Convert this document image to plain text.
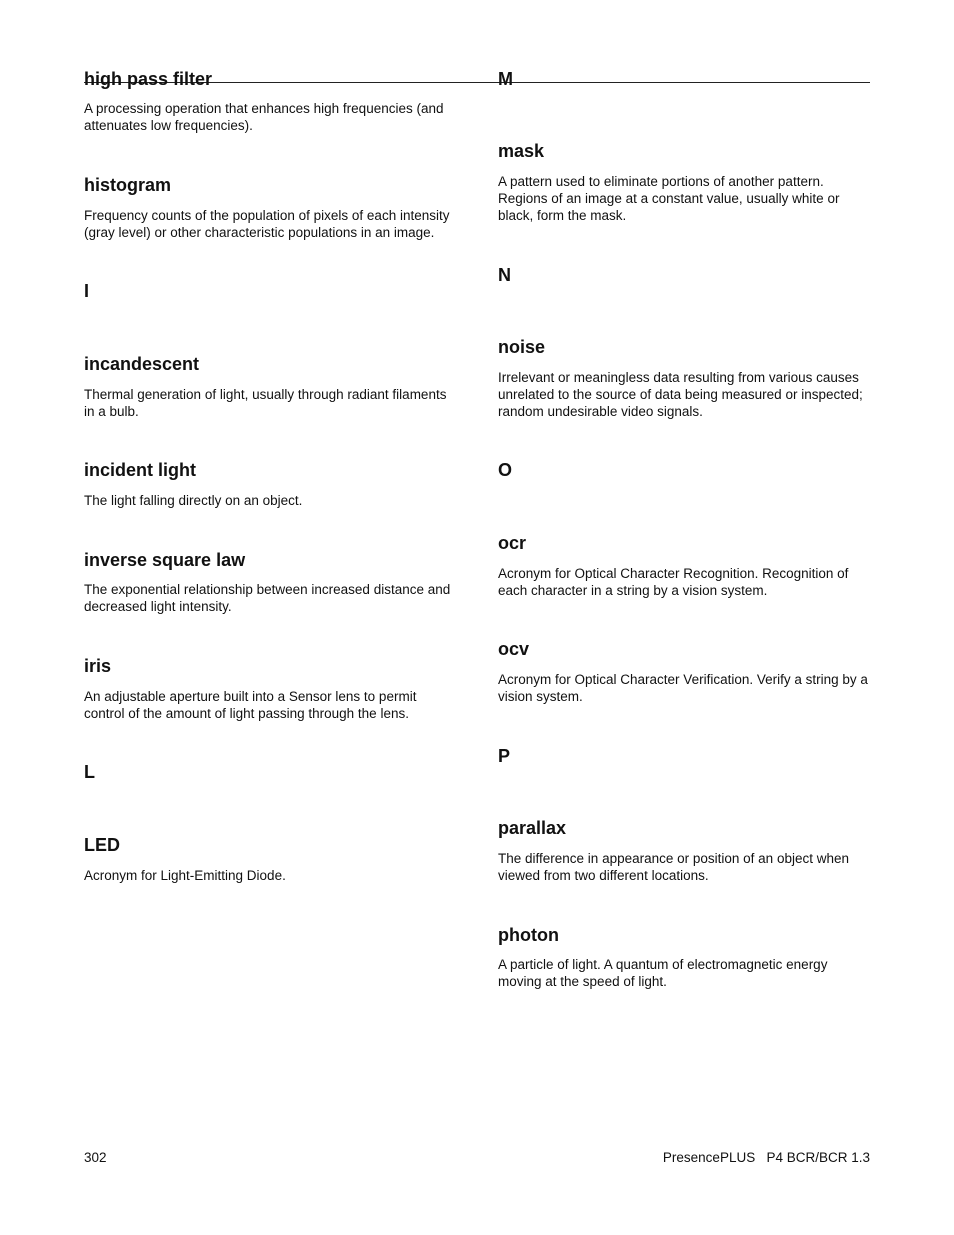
high pass filter

A processing operation that enhances high frequencies (and attenuates low frequencies).

histogram

Frequency counts of the population of pixels of each intensity (gray level) or other characteristic populations in an image.

I
incandescent

Thermal generation of light, usually through radiant filaments in a bulb.

incident light

The light falling directly on an object.

inverse square law

The exponential relationship between increased distance and decreased light intensity.

iris

An adjustable aperture built into a Sensor lens to permit control of the amount of light passing through the lens.

L
LED

Acronym for Light-Emitting Diode.

M
mask

A pattern used to eliminate portions of another pattern. Regions of an image at a constant value, usually white or black, form the mask.

N
noise

Irrelevant or meaningless data resulting from various causes unrelated to the source of data being measured or inspected; random undesirable video signals.

O
ocr

Acronym for Optical Character Recognition. Recognition of each character in a string by a vision system.

ocv

Acronym for Optical Character Verification. Verify a string by a vision system.

P
parallax

The difference in appearance or position of an object when viewed from two different locations.

photon

A particle of light. A quantum of electromagnetic energy moving at the speed of light.

302	PresencePLUS   P4 BCR/BCR 1.3
